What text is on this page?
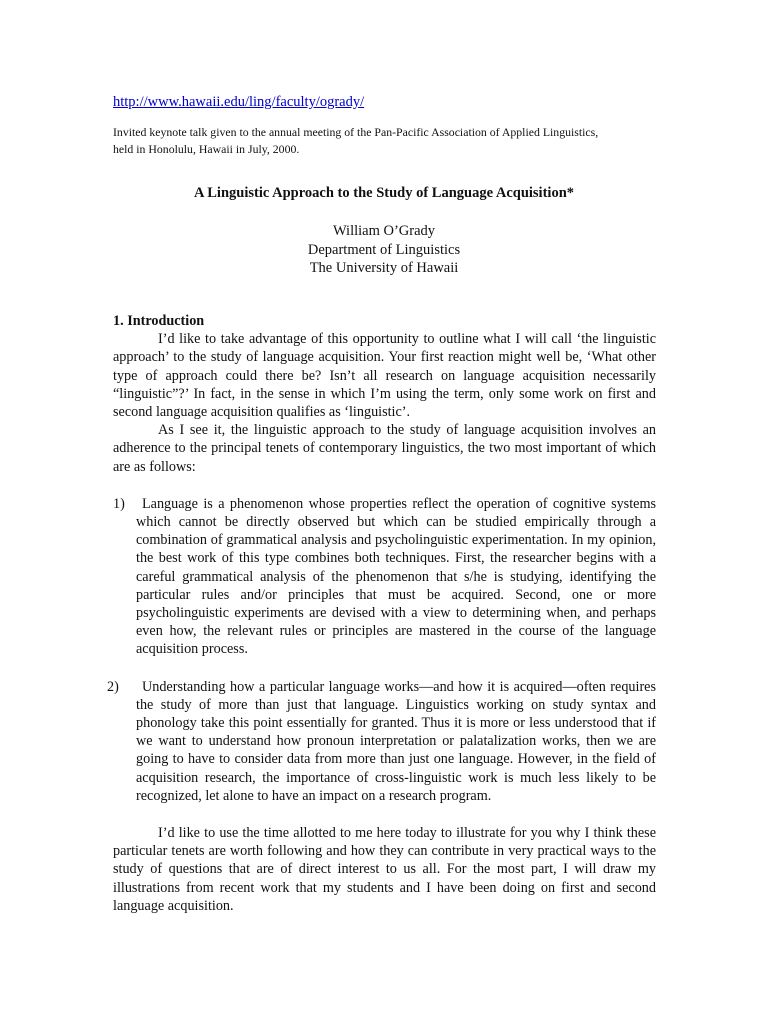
http://www.hawaii.edu/ling/faculty/ogrady/
Invited keynote talk given to the annual meeting of the Pan-Pacific Association of Applied Linguistics,
held in Honolulu, Hawaii in July, 2000.
A Linguistic Approach to the Study of Language Acquisition*
William O’Grady
Department of Linguistics
The University of Hawaii
1. Introduction

I’d like to take advantage of this opportunity to outline what I will call ‘the linguistic approach’ to the study of language acquisition. Your first reaction might well be, ‘What other type of approach could there be? Isn’t all research on language acquisition necessarily “linguistic”?’ In fact, in the sense in which I’m using the term, only some work on first and second language acquisition qualifies as ‘linguistic’.

As I see it, the linguistic approach to the study of language acquisition involves an adherence to the principal tenets of contemporary linguistics, the two most important of which are as follows:

1)	Language is a phenomenon whose properties reflect the operation of cognitive systems which cannot be directly observed but which can be studied empirically through a combination of grammatical analysis and psycholinguistic experimentation. In my opinion, the best work of this type combines both techniques. First, the researcher begins with a careful grammatical analysis of the phenomenon that s/he is studying, identifying the particular rules and/or principles that must be acquired. Second, one or more psycholinguistic experiments are devised with a view to determining when, and perhaps even how, the relevant rules or principles are mastered in the course of the language acquisition process.

2)	Understanding how a particular language works—and how it is acquired—often requires the study of more than just that language. Linguistics working on study syntax and phonology take this point essentially for granted. Thus it is more or less understood that if we want to understand how pronoun interpretation or palatalization works, then we are going to have to consider data from more than just one language. However, in the field of acquisition research, the importance of cross-linguistic work is much less likely to be recognized, let alone to have an impact on a research program.

I’d like to use the time allotted to me here today to illustrate for you why I think these particular tenets are worth following and how they can contribute in very practical ways to the study of questions that are of direct interest to us all. For the most part, I will draw my illustrations from recent work that my students and I have been doing on first and second language acquisition.
